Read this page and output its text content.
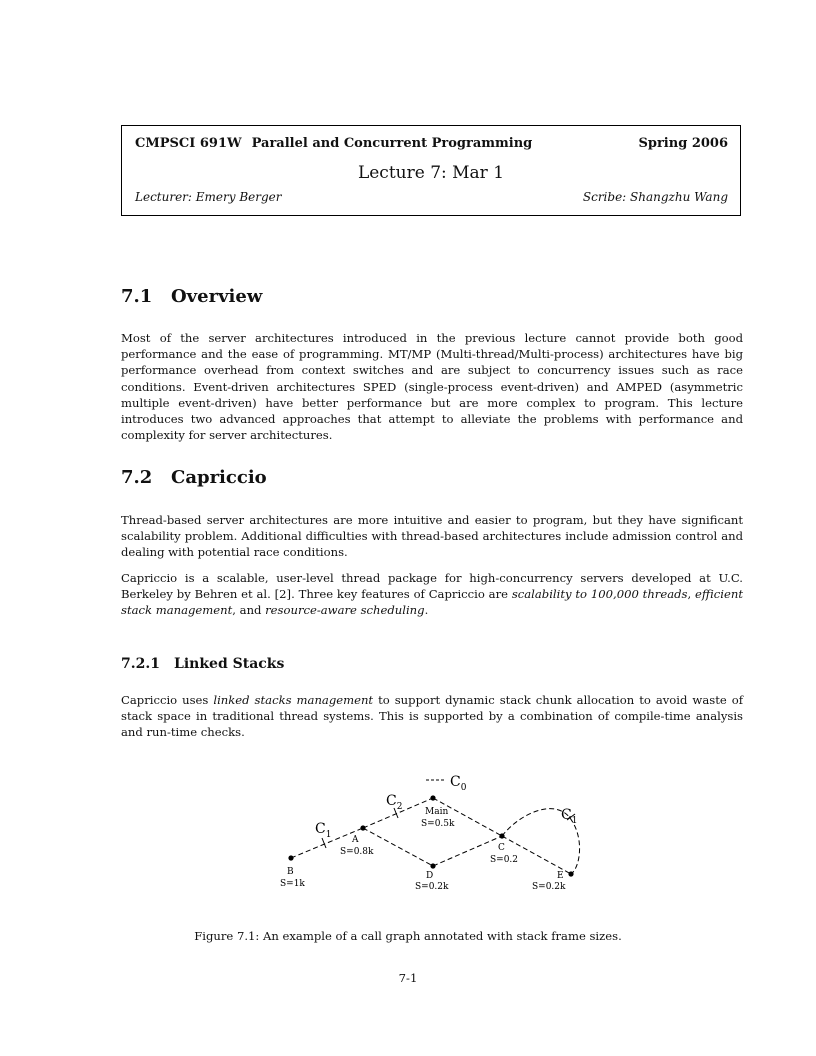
CMPSCI 691W Parallel and Concurrent Programming	Spring 2006
Lecture 7: Mar 1
Lecturer: Emery Berger	Scribe: Shangzhu Wang
7.1 Overview

Most of the server architectures introduced in the previous lecture cannot provide both good performance and the ease of programming. MT/MP (Multi-thread/Multi-process) architectures have big performance overhead from context switches and are subject to concurrency issues such as race conditions. Event-driven architectures SPED (single-process event-driven) and AMPED (asymmetric multiple event-driven) have better performance but are more complex to program. This lecture introduces two advanced approaches that attempt to alleviate the problems with performance and complexity for server architectures.

7.2 Capriccio

Thread-based server architectures are more intuitive and easier to program, but they have significant scalability problem. Additional difficulties with thread-based architectures include admission control and dealing with potential race conditions.

Capriccio is a scalable, user-level thread package for high-concurrency servers developed at U.C. Berkeley by Behren et al. [2]. Three key features of Capriccio are scalability to 100,000 threads, efficient stack management, and resource-aware scheduling.

7.2.1 Linked Stacks

Capriccio uses linked stacks management to support dynamic stack chunk allocation to avoid waste of stack space in traditional thread systems. This is supported by a combination of compile-time analysis and run-time checks.

$C_0$
$C_1$
$C_2$	$C_1$
B
S=1k
A
S=0.8k
Main
S=0.5k
D
S=0.2k
C
S=0.2
E
S=0.2k
Figure 7.1: An example of a call graph annotated with stack frame sizes.
7-1
